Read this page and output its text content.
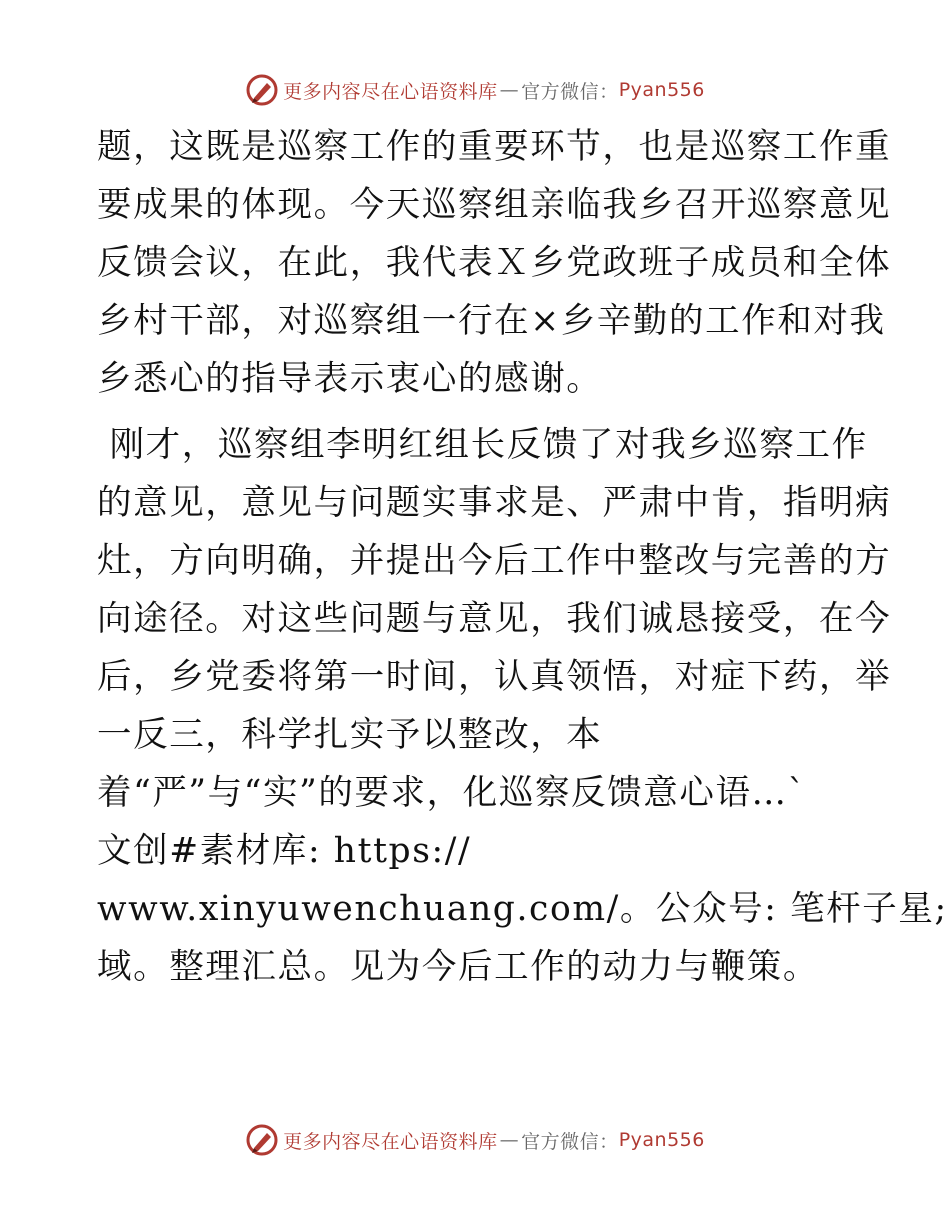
更多内容尽在心语资料库 — 官方微信： Pyan556

题，这既是巡察工作的重要环节，也是巡察工作重
要成果的体现。今天巡察组亲临我乡召开巡察意见
反馈会议，在此，我代表Ｘ乡党政班子成员和全体
乡村干部，对巡察组一行在×乡辛勤的工作和对我
乡悉心的指导表示衷心的感谢。

刚才，巡察组李明红组长反馈了对我乡巡察工作
的意见，意见与问题实事求是、严肃中肯，指明病
灶，方向明确，并提出今后工作中整改与完善的方
向途径。对这些问题与意见，我们诚恳接受，在今
后，乡党委将第一时间，认真领悟，对症下药，举
一反三，科学扎实予以整改，本
着“严”与“实”的要求，化巡察反馈意心语…`
文创#素材库: https://
www.xinyuwenchuang.com/。公众号: 笔杆子星;
域。整理汇总。见为今后工作的动力与鞭策。

更多内容尽在心语资料库 — 官方微信： Pyan556
